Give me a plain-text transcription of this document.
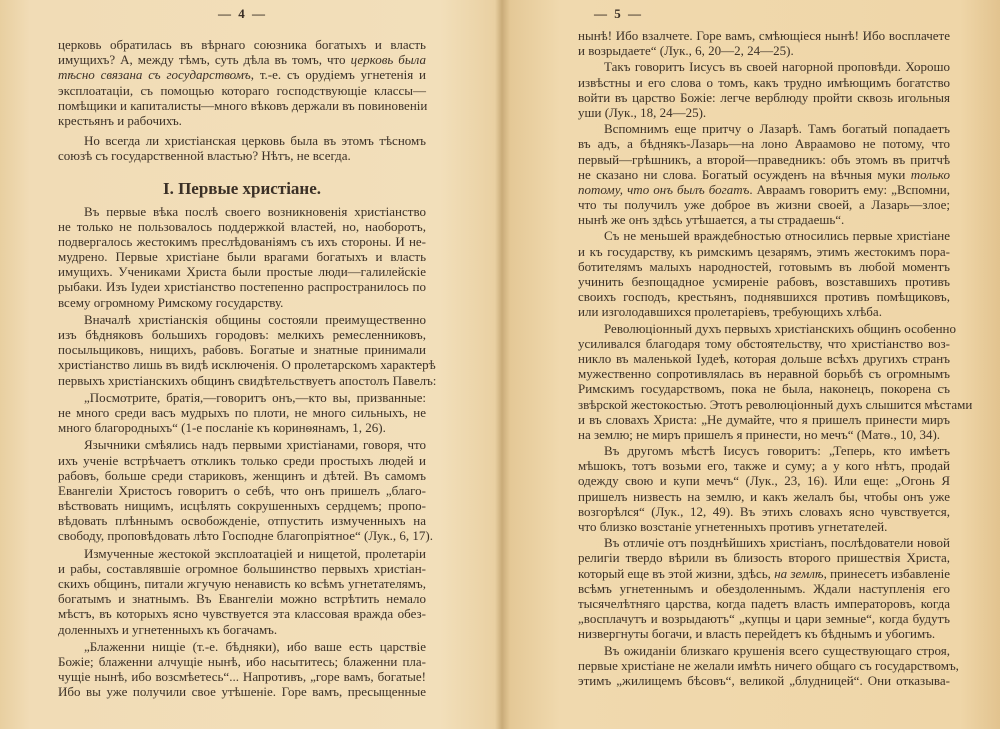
— 4 —
церковь обратилась въ вѣрнаго союзника богатыхъ и власть
имущихъ? А, между тѣмъ, суть дѣла въ томъ, что церковь была
тѣсно связана съ государствомъ, т.-е. съ орудіемъ угнетенія и
эксплоатаціи, съ помощью котораго господствующіе классы—
помѣщики и капиталисты—много вѣковъ держали въ повиновеніи
крестьянъ и рабочихъ.
Но всегда ли христіанская церковь была въ этомъ тѣсномъ
союзѣ съ государственной властью? Нѣтъ, не всегда.
I. Первые христіане.
Въ первые вѣка послѣ своего возникновенія христіанство
не только не пользовалось поддержкой властей, но, наоборотъ,
подвергалось жестокимъ преслѣдованіямъ съ ихъ стороны. И не-
мудрено. Первые христіане были врагами богатыхъ и власть
имущихъ. Учениками Христа были простые люди—галилейскіе
рыбаки. Изъ Іудеи христіанство постепенно распространилось по
всему огромному Римскому государству.
Вначалѣ христіанскія общины состояли преимущественно
изъ бѣдняковъ большихъ городовъ: мелкихъ ремесленниковъ,
посыльщиковъ, нищихъ, рабовъ. Богатые и знатные принимали
христіанство лишь въ видѣ исключенія. О пролетарскомъ характерѣ
первыхъ христіанскихъ общинъ свидѣтельствуетъ апостолъ Павелъ:
„Посмотрите, братія,—говоритъ онъ,—кто вы, призванные:
не много среди васъ мудрыхъ по плоти, не много сильныхъ, не
много благородныхъ“ (1-е посланіе къ коринѳянамъ, 1, 26).
Язычники смѣялись надъ первыми христіанами, говоря, что
ихъ ученіе встрѣчаетъ откликъ только среди простыхъ людей и
рабовъ, больше среди стариковъ, женщинъ и дѣтей. Въ самомъ
Евангеліи Христосъ говоритъ о себѣ, что онъ пришелъ „благо-
вѣствовать нищимъ, исцѣлять сокрушенныхъ сердцемъ; пропо-
вѣдовать плѣннымъ освобожденіе, отпустить измученныхъ на
свободу, проповѣдовать лѣто Господне благопріятное“ (Лук., 6, 17).
Измученные жестокой эксплоатаціей и нищетой, пролетаріи
и рабы, составлявшіе огромное большинство первыхъ христіан-
скихъ общинъ, питали жгучую ненависть ко всѣмъ угнетателямъ,
богатымъ и знатнымъ. Въ Евангеліи можно встрѣтить немало
мѣстъ, въ которыхъ ясно чувствуется эта классовая вражда обез-
доленныхъ и угнетенныхъ къ богачамъ.
„Блаженни нищіе (т.-е. бѣдняки), ибо ваше есть царствіе
Божіе; блаженни алчущіе нынѣ, ибо насытитесь; блаженни пла-
чущіе нынѣ, ибо возсмѣетесь“... Напротивъ, „горе вамъ, богатые!
Ибо вы уже получили свое утѣшеніе. Горе вамъ, пресыщенные
— 5 —
нынѣ! Ибо взалчете. Горе вамъ, смѣющіеся нынѣ! Ибо восплачете
и возрыдаете“ (Лук., 6, 20—2, 24—25).
Такъ говоритъ Іисусъ въ своей нагорной проповѣди. Хорошо
извѣстны и его слова о томъ, какъ трудно имѣющимъ богатство
войти въ царство Божіе: легче верблюду пройти сквозь игольныя
уши (Лук., 18, 24—25).
Вспомнимъ еще притчу о Лазарѣ. Тамъ богатый попадаетъ
въ адъ, а бѣднякъ-Лазарь—на лоно Авраамово не потому, что
первый—грѣшникъ, а второй—праведникъ: объ этомъ въ притчѣ
не сказано ни слова. Богатый осужденъ на вѣчныя муки только
потому, что онъ былъ богатъ. Авраамъ говоритъ ему: „Вспомни,
что ты получилъ уже доброе въ жизни своей, а Лазарь—злое;
нынѣ же онъ здѣсь утѣшается, а ты страдаешь“.
Съ не меньшей враждебностью относились первые христіане
и къ государству, къ римскимъ цезарямъ, этимъ жестокимъ пора-
ботителямъ малыхъ народностей, готовымъ въ любой моментъ
учинить безпощадное усмиреніе рабовъ, возставшихъ противъ
своихъ господъ, крестьянъ, поднявшихся противъ помѣщиковъ,
или изголодавшихся пролетаріевъ, требующихъ хлѣба.
Революціонный духъ первыхъ христіанскихъ общинъ особенно
усиливался благодаря тому обстоятельству, что христіанство воз-
никло въ маленькой Іудеѣ, которая дольше всѣхъ другихъ странъ
мужественно сопротивлялась въ неравной борьбѣ съ огромнымъ
Римскимъ государствомъ, пока не была, наконецъ, покорена съ
звѣрской жестокостью. Этотъ революціонный духъ слышится мѣстами
и въ словахъ Христа: „Не думайте, что я пришелъ принести миръ
на землю; не миръ пришелъ я принести, но мечъ“ (Матѳ., 10, 34).
Въ другомъ мѣстѣ Іисусъ говоритъ: „Теперь, кто имѣетъ
мѣшокъ, тотъ возьми его, также и суму; а у кого нѣтъ, продай
одежду свою и купи мечъ“ (Лук., 23, 16). Или еще: „Огонь Я
пришелъ низвесть на землю, и какъ желалъ бы, чтобы онъ уже
возгорѣлся“ (Лук., 12, 49). Въ этихъ словахъ ясно чувствуется,
что близко возстаніе угнетенныхъ противъ угнетателей.
Въ отличіе отъ позднѣйшихъ христіанъ, послѣдователи новой
религіи твердо вѣрили въ близость второго пришествія Христа,
который еще въ этой жизни, здѣсь, на землѣ, принесетъ избавленіе
всѣмъ угнетеннымъ и обездоленнымъ. Ждали наступленія его
тысячелѣтняго царства, когда падетъ власть императоровъ, когда
„восплачутъ и возрыдаютъ“ „купцы и цари земные“, когда будутъ
низвергнуты богачи, и власть перейдетъ къ бѣднымъ и убогимъ.
Въ ожиданіи близкаго крушенія всего существующаго строя,
первые христіане не желали имѣть ничего общаго съ государствомъ,
этимъ „жилищемъ бѣсовъ“, великой „блудницей“. Они отказыва-
